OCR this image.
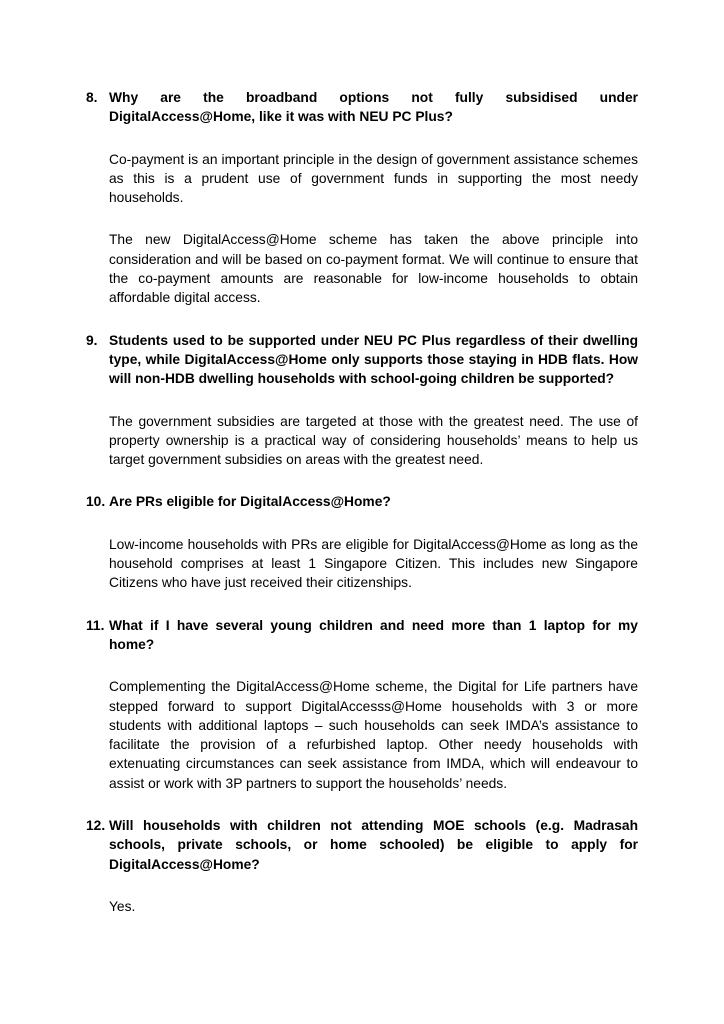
8. Why are the broadband options not fully subsidised under DigitalAccess@Home, like it was with NEU PC Plus?

Co-payment is an important principle in the design of government assistance schemes as this is a prudent use of government funds in supporting the most needy households.

The new DigitalAccess@Home scheme has taken the above principle into consideration and will be based on co-payment format. We will continue to ensure that the co-payment amounts are reasonable for low-income households to obtain affordable digital access.

9. Students used to be supported under NEU PC Plus regardless of their dwelling type, while DigitalAccess@Home only supports those staying in HDB flats. How will non-HDB dwelling households with school-going children be supported?

The government subsidies are targeted at those with the greatest need. The use of property ownership is a practical way of considering households’ means to help us target government subsidies on areas with the greatest need.

10. Are PRs eligible for DigitalAccess@Home?

Low-income households with PRs are eligible for DigitalAccess@Home as long as the household comprises at least 1 Singapore Citizen. This includes new Singapore Citizens who have just received their citizenships.

11. What if I have several young children and need more than 1 laptop for my home?

Complementing the DigitalAccess@Home scheme, the Digital for Life partners have stepped forward to support DigitalAccesss@Home households with 3 or more students with additional laptops – such households can seek IMDA’s assistance to facilitate the provision of a refurbished laptop. Other needy households with extenuating circumstances can seek assistance from IMDA, which will endeavour to assist or work with 3P partners to support the households’ needs.

12. Will households with children not attending MOE schools (e.g. Madrasah schools, private schools, or home schooled) be eligible to apply for DigitalAccess@Home?

Yes.
